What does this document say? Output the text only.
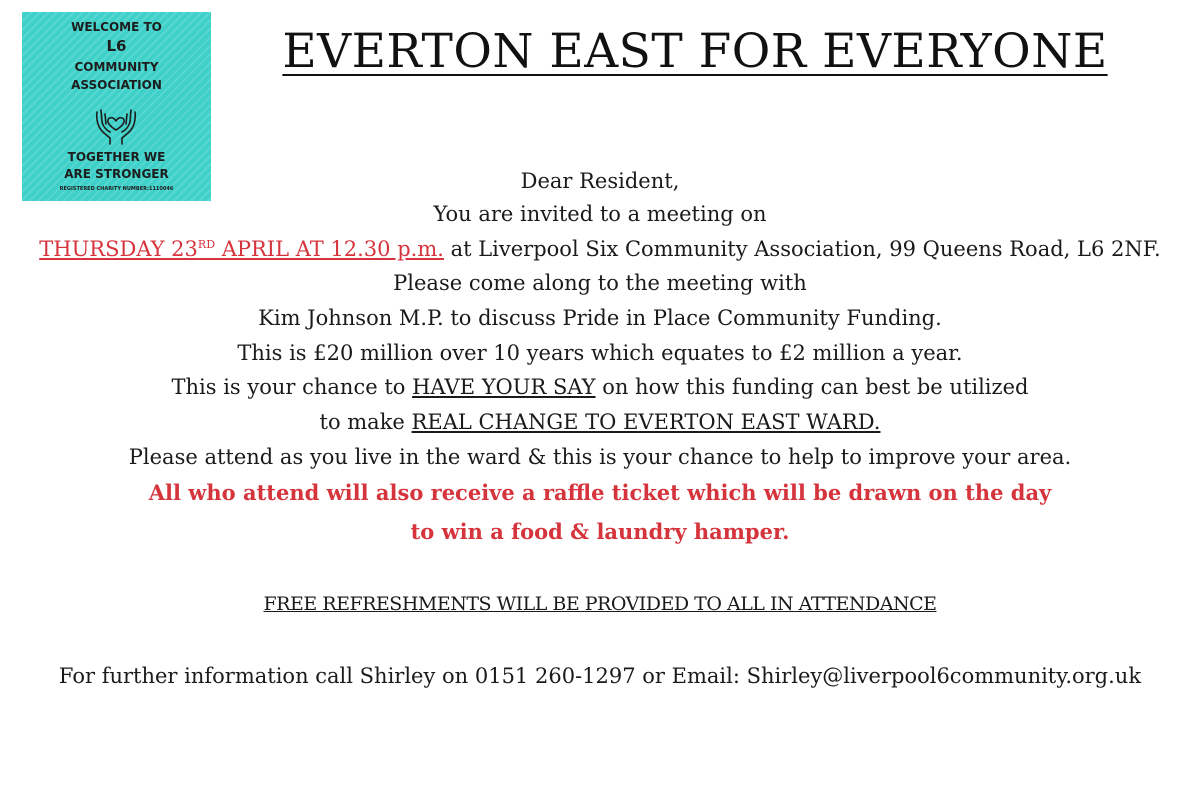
WELCOME TO
L6
COMMUNITY
ASSOCIATION
TOGETHER WE
ARE STRONGER
REGISTERED CHARITY NUMBER:1110046
EVERTON EAST FOR EVERYONE
Dear Resident,
You are invited to a meeting on
THURSDAY 23RD APRIL AT 12.30 p.m. at Liverpool Six Community Association, 99 Queens Road, L6 2NF.
Please come along to the meeting with
Kim Johnson M.P. to discuss Pride in Place Community Funding.
This is £20 million over 10 years which equates to £2 million a year.
This is your chance to HAVE YOUR SAY on how this funding can best be utilized
to make REAL CHANGE TO EVERTON EAST WARD.
Please attend as you live in the ward & this is your chance to help to improve your area.
All who attend will also receive a raffle ticket which will be drawn on the day
to win a food & laundry hamper.
FREE REFRESHMENTS WILL BE PROVIDED TO ALL IN ATTENDANCE
For further information call Shirley on 0151 260-1297 or Email: Shirley@liverpool6community.org.uk
